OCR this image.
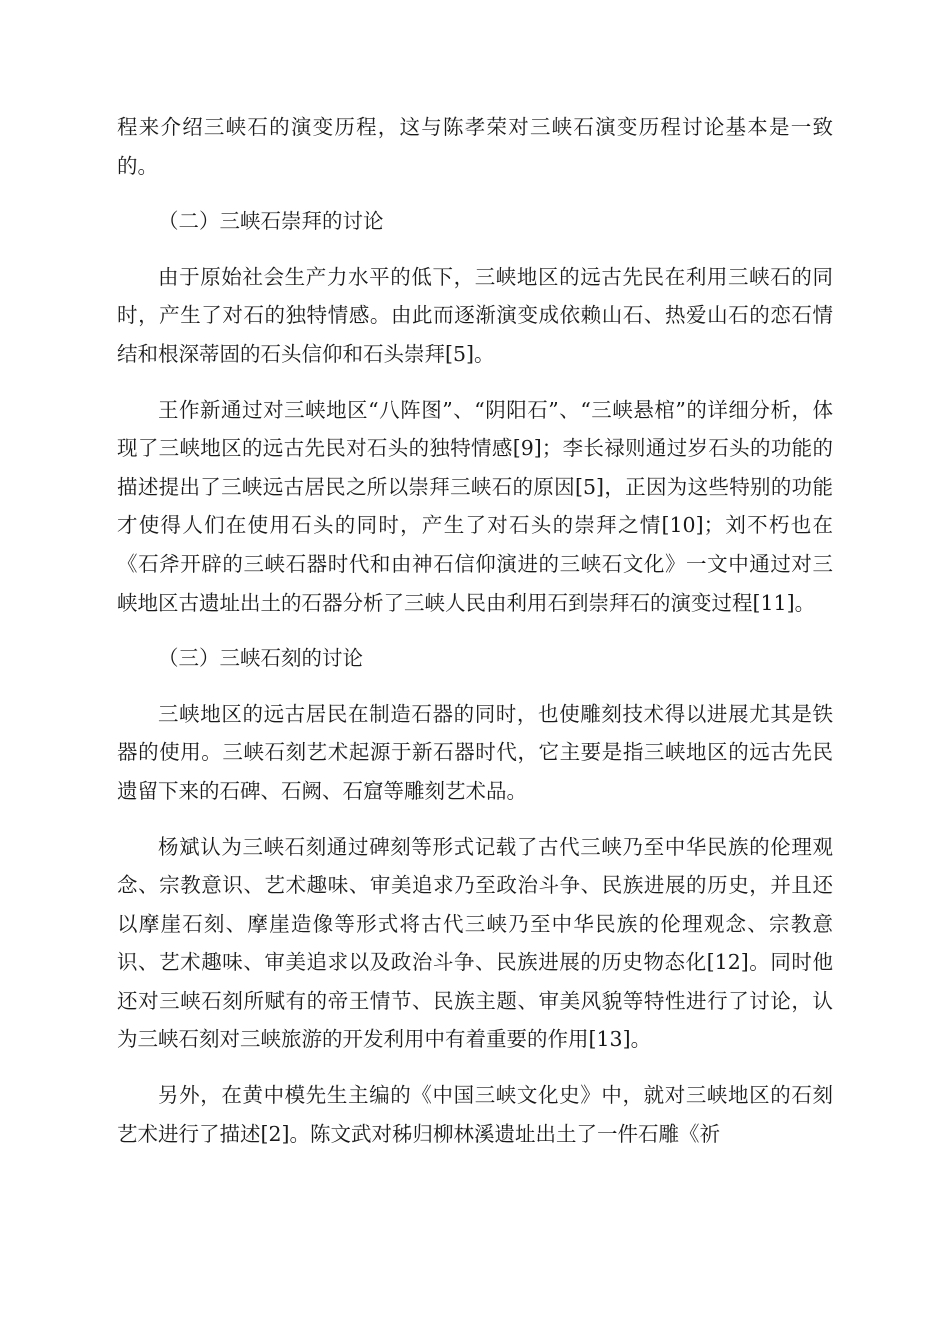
程来介绍三峡石的演变历程，这与陈孝荣对三峡石演变历程讨论基本是一致的。

（二）三峡石崇拜的讨论

由于原始社会生产力水平的低下，三峡地区的远古先民在利用三峡石的同时，产生了对石的独特情感。由此而逐渐演变成依赖山石、热爱山石的恋石情结和根深蒂固的石头信仰和石头崇拜[5]。

王作新通过对三峡地区“八阵图”、“阴阳石”、“三峡悬棺”的详细分析，体现了三峡地区的远古先民对石头的独特情感[9]；李长禄则通过岁石头的功能的描述提出了三峡远古居民之所以崇拜三峡石的原因[5]，正因为这些特别的功能才使得人们在使用石头的同时，产生了对石头的崇拜之情[10]；刘不朽也在《石斧开辟的三峡石器时代和由神石信仰演进的三峡石文化》一文中通过对三峡地区古遗址出土的石器分析了三峡人民由利用石到崇拜石的演变过程[11]。

（三）三峡石刻的讨论

三峡地区的远古居民在制造石器的同时，也使雕刻技术得以进展尤其是铁器的使用。三峡石刻艺术起源于新石器时代，它主要是指三峡地区的远古先民遗留下来的石碑、石阙、石窟等雕刻艺术品。

杨斌认为三峡石刻通过碑刻等形式记载了古代三峡乃至中华民族的伦理观念、宗教意识、艺术趣味、审美追求乃至政治斗争、民族进展的历史，并且还以摩崖石刻、摩崖造像等形式将古代三峡乃至中华民族的伦理观念、宗教意识、艺术趣味、审美追求以及政治斗争、民族进展的历史物态化[12]。同时他还对三峡石刻所赋有的帝王情节、民族主题、审美风貌等特性进行了讨论，认为三峡石刻对三峡旅游的开发利用中有着重要的作用[13]。

另外，在黄中模先生主编的《中国三峡文化史》中，就对三峡地区的石刻艺术进行了描述[2]。陈文武对秭归柳林溪遗址出土了一件石雕《祈
